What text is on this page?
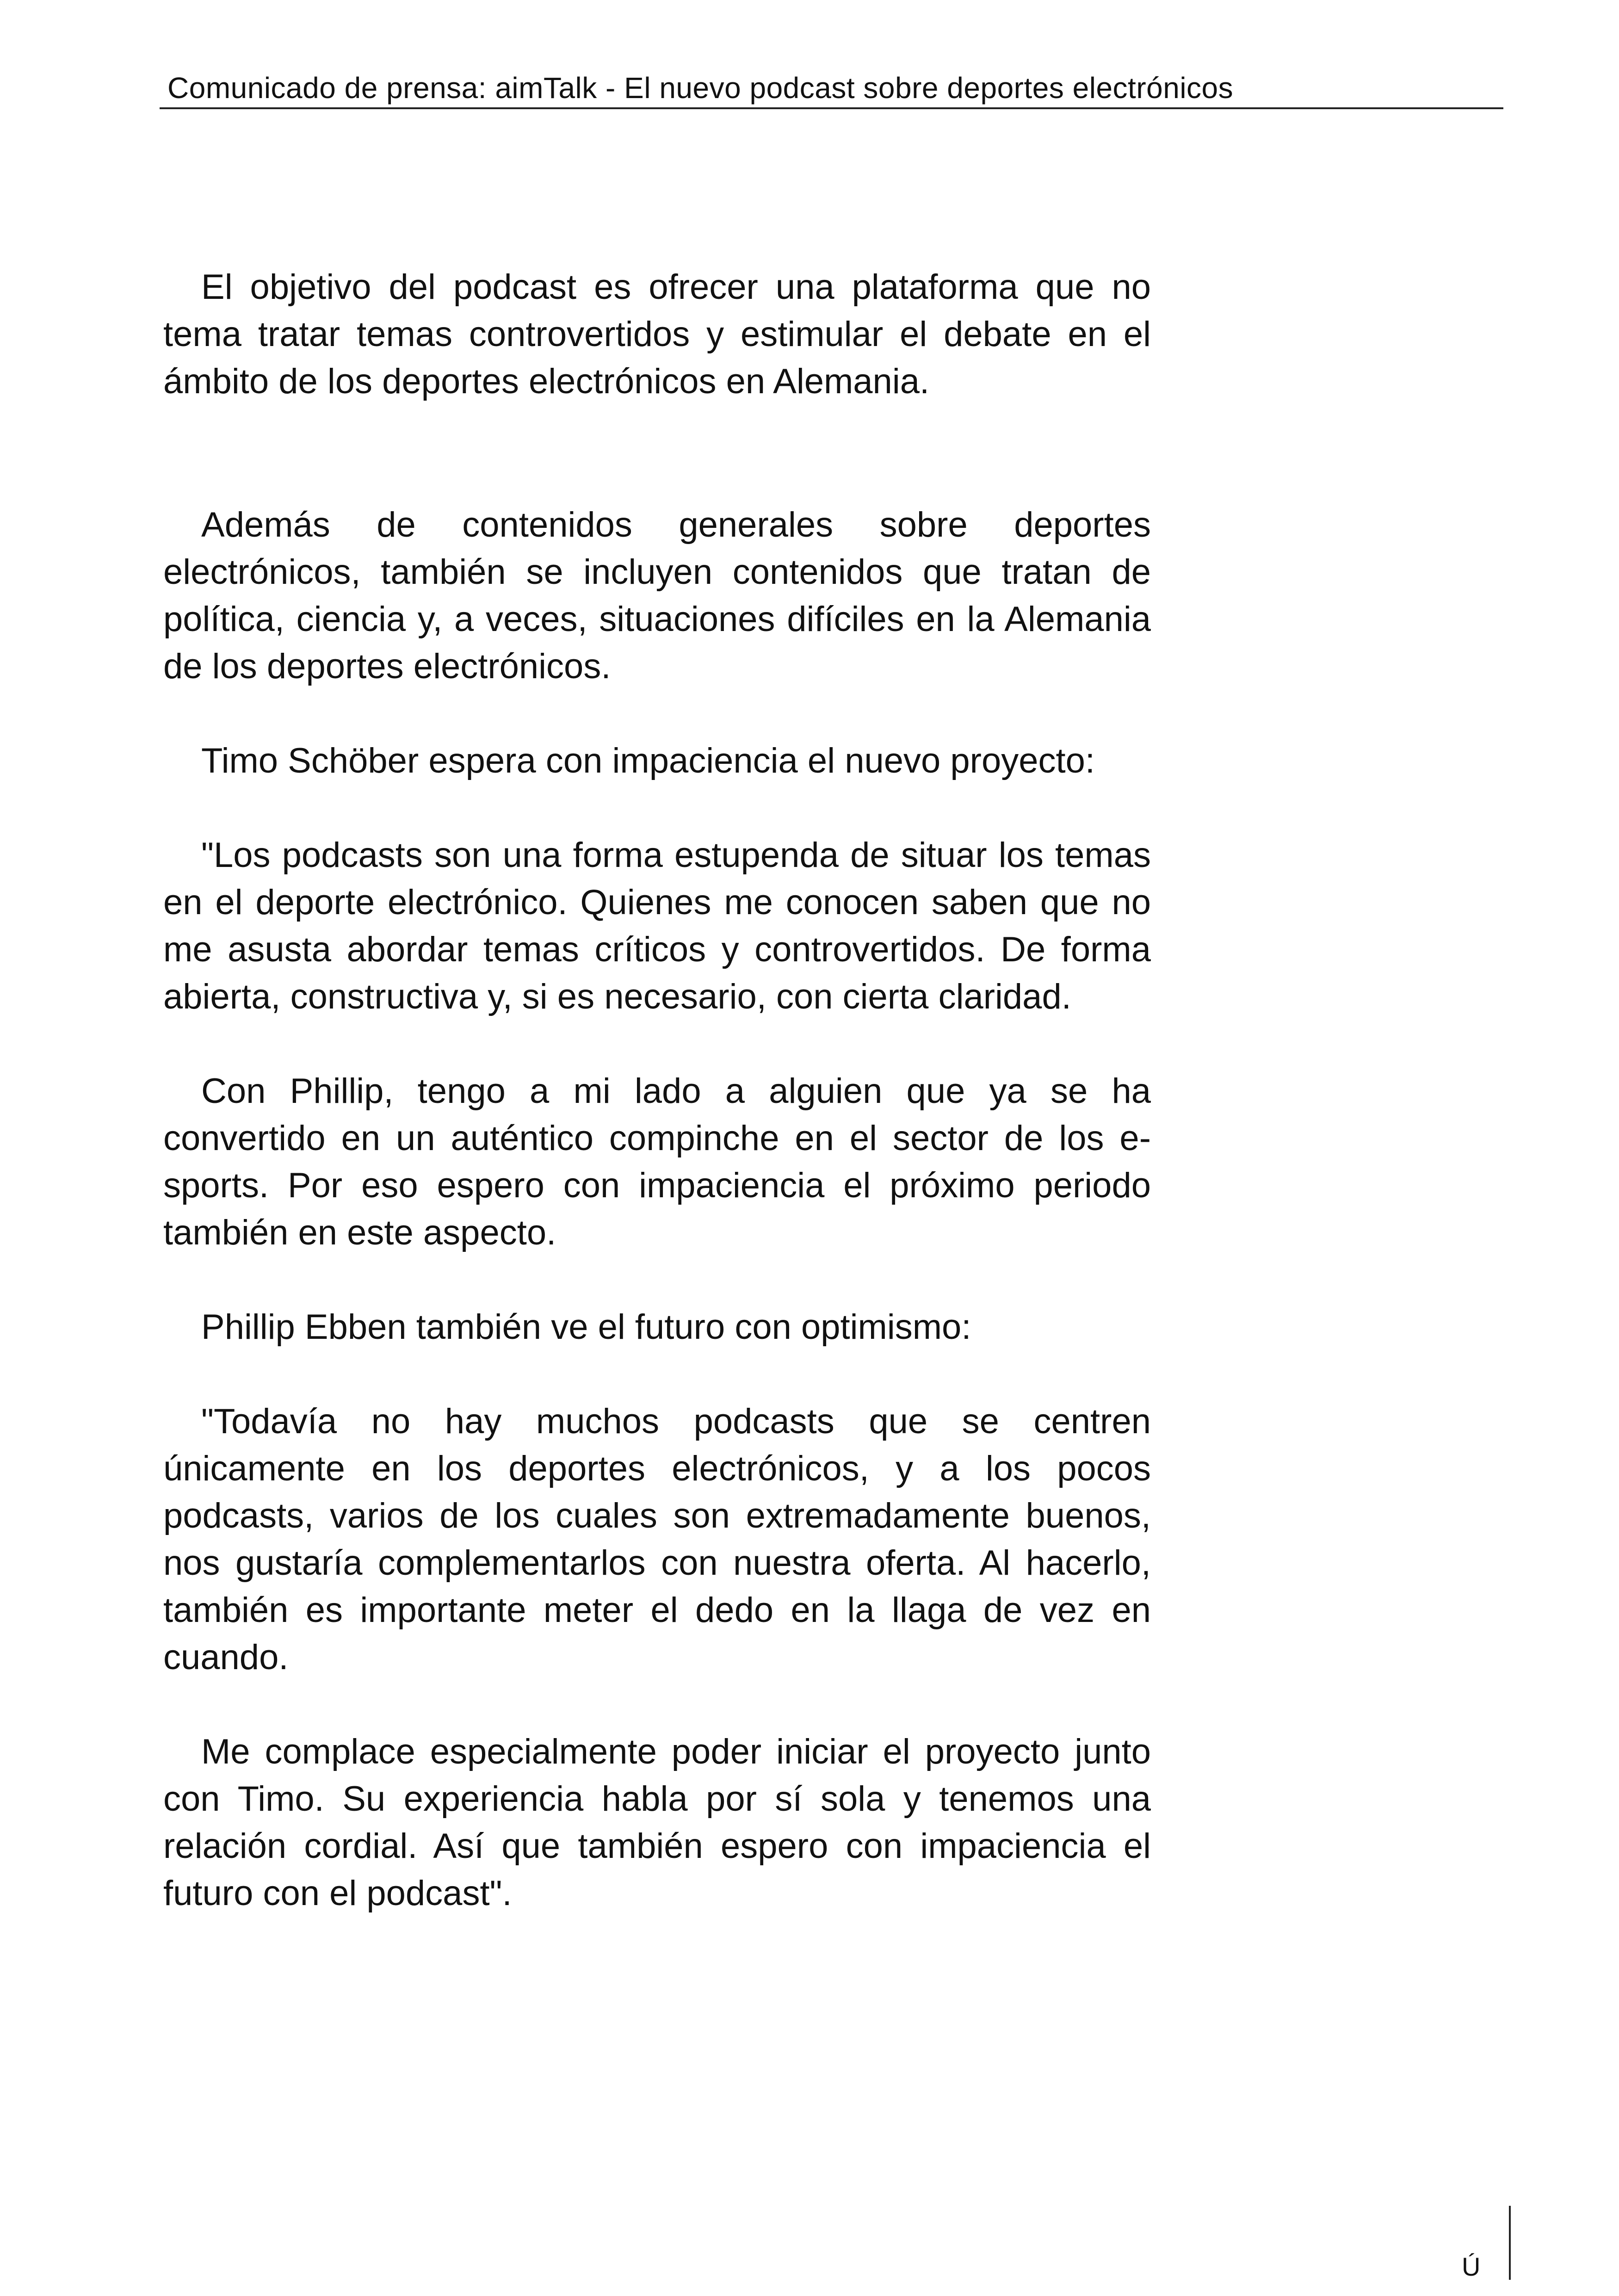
Comunicado de prensa: aimTalk - El nuevo podcast sobre deportes electrónicos

El objetivo del podcast es ofrecer una plataforma que no tema tratar temas controvertidos y estimular el debate en el ámbito de los deportes electrónicos en Alemania.

Además de contenidos generales sobre deportes electrónicos, también se incluyen contenidos que tratan de política, ciencia y, a veces, situaciones difíciles en la Alemania de los deportes electrónicos.

Timo Schöber espera con impaciencia el nuevo proyecto:

"Los podcasts son una forma estupenda de situar los temas en el deporte electrónico. Quienes me conocen saben que no me asusta abordar temas críticos y controvertidos. De forma abierta, constructiva y, si es necesario, con cierta claridad.

Con Phillip, tengo a mi lado a alguien que ya se ha convertido en un auténtico compinche en el sector de los e-sports. Por eso espero con impaciencia el próximo periodo también en este aspecto.

Phillip Ebben también ve el futuro con optimismo:

"Todavía no hay muchos podcasts que se centren únicamente en los deportes electrónicos, y a los pocos podcasts, varios de los cuales son extremadamente buenos, nos gustaría complementarlos con nuestra oferta. Al hacerlo, también es importante meter el dedo en la llaga de vez en cuando.

Me complace especialmente poder iniciar el proyecto junto con Timo. Su experiencia habla por sí sola y tenemos una relación cordial. Así que también espero con impaciencia el futuro con el podcast".

Ú
